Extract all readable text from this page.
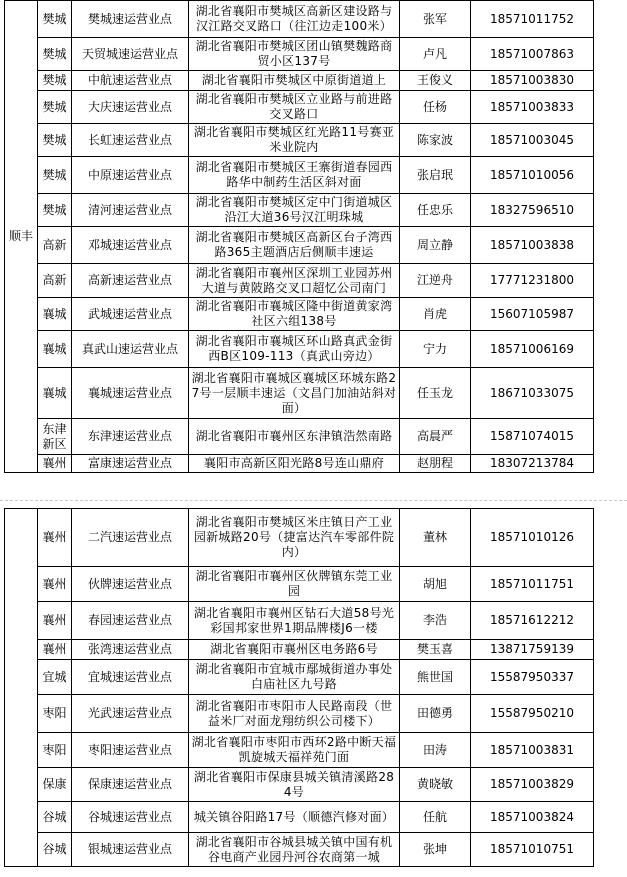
顺丰	樊城	樊城速运营业点	湖北省襄阳市樊城区高新区建设路与汉江路交叉路口（往江边走100米）	张军	18571011752
	樊城	天贸城速运营业点	湖北省襄阳市樊城区团山镇樊魏路商贸小区137号	卢凡	18571007863
	樊城	中航速运营业点	湖北省襄阳市樊城区中原街道道上	王俊义	18571003830
	樊城	大庆速运营业点	湖北省襄阳市樊城区立业路与前进路交叉路口	任杨	18571003833
	樊城	长虹速运营业点	湖北省襄阳市樊城区红光路11号赛亚米业院内	陈家波	18571003045
	樊城	中原速运营业点	湖北省襄阳市樊城区王寨街道春园西路华中制药生活区斜对面	张启珉	18571010056
	樊城	清河速运营业点	湖北省襄阳市樊城区定中门街道城区沿江大道36号汉江明珠城	任忠乐	18327596510
	高新	邓城速运营业点	湖北省襄阳市樊城区高新区台子湾西路365主题酒店后侧顺丰速运	周立静	18571003838
	高新	高新速运营业点	湖北省襄阳市襄州区深圳工业园苏州大道与黄陂路交叉口超忆公司南门	江逆舟	17771231800
	襄城	武城速运营业点	湖北省襄阳市襄城区隆中街道黄家湾社区六组138号	肖虎	15607105987
	襄城	真武山速运营业点	湖北省襄阳市襄城区环山路真武金街西B区109-113（真武山旁边）	宁力	18571006169
	襄城	襄城速运营业点	湖北省襄阳市襄城区襄城区环城东路27号一层顺丰速运（文昌门加油站斜对面）	任玉龙	18671033075
	东津新区	东津速运营业点	湖北省襄阳市襄州区东津镇浩然南路	高晨严	15871074015
	襄州	富康速运营业点	襄阳市高新区阳光路8号连山鼎府	赵朋程	18307213784
	襄州	二汽速运营业点	湖北省襄阳市樊城区米庄镇日产工业园新城路20号（捷富达汽车零部件院内）	董林	18571010126
	襄州	伙牌速运营业点	湖北省襄阳市襄州区伙牌镇东莞工业园	胡旭	18571011751
	襄州	春园速运营业点	湖北省襄阳市襄州区钻石大道58号光彩国邦家世界1期品牌楼J6一楼	李浩	18571612212
	襄州	张湾速运营业点	湖北省襄阳市襄州区电务路6号	樊玉喜	13871759139
	宜城	宜城速运营业点	湖北省襄阳市宜城市鄢城街道办事处白庙社区九号路	熊世国	15587950337
	枣阳	光武速运营业点	湖北省襄阳市枣阳市人民路南段（世益米厂对面龙翔纺织公司楼下）	田德勇	15587950210
	枣阳	枣阳速运营业点	湖北省襄阳市枣阳市西环2路中断天福凯旋城天福祥苑门面	田涛	18571003831
	保康	保康速运营业点	湖北省襄阳市保康县城关镇清溪路284号	黄晓敏	18571003829
	谷城	谷城速运营业点	城关镇谷阳路17号（顺德汽修对面）	任航	18571003824
	谷城	银城速运营业点	湖北省襄阳市谷城县城关镇中国有机谷电商产业园丹河谷农商第一城	张坤	18571010751
